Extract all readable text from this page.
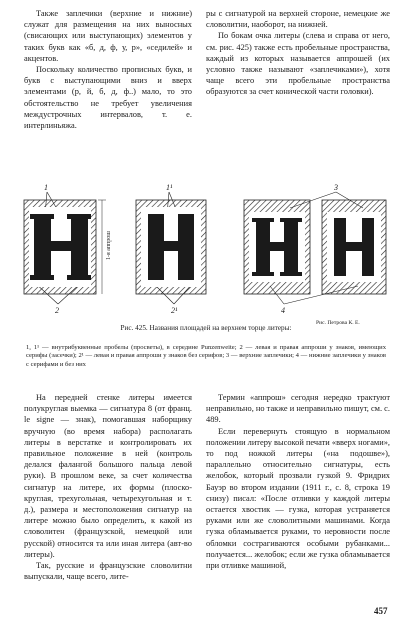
Также заплечики (верхние и нижние) служат для размещения на них выносных (свисающих или выступающих) элементов у таких букв как «б, д, ф, у, р», «седилей» и акцентов.

Поскольку количество прописных букв, и букв с выступающими вниз и вверх элементами (р, й, б, д, ф..) мало, то это обстоятельство не требует увеличения междустрочных интервалов, т. е. интерлиньяжа.

ры с сигнатурой на верхней стороне, немецкие же словолитни, наоборот, на нижней.

По бокам очка литеры (слева и справа от него, см. рис. 425) также есть пробельные пространства, каждый из которых называется аппрошей (их условно также называют «заплечиками»), хотя чаще всего эти пробельные пространства образуются за счет конической части головки).

1-я аппрош
1	1¹	3
2	2¹	4
Рис. Петрова К. Е.
Рис. 425. Названия площадей на верхнем торце литеры:
1, 1¹ — внутрибуквенные пробелы (просветы), в середине Punzenweite; 2 — левая и правая аппроши у знаков, имеющих серифы (засечки); 2¹ — левая и правая аппроши у знаков без серифов; 3 — верхние заплечики; 4 — нижние заплечики у знаков с серифами и без них

На передней стенке литеры имеется полукруглая выемка — сигнатура 8 (от франц. le signe — знак), помогавшая наборщику вручную (во время набора) располагать литеры в верстатке и контролировать их правильное положение в ней (контроль делался фалангой большого пальца левой руки). В прошлом веке, за счет количества сигнатур на литере, их формы (плоско-круглая, трехугольная, четырехугольная и т. д.), размера и местоположения сигнатур на литере можно было определить, к какой из словолитен (французской, немецкой или русской) относится та или иная литера (авт-во литеры).

Так, русские и французские словолитни выпускали, чаще всего, лите-

Термин «аппрош» сегодня нередко трактуют неправильно, но также и неправильно пишут, см. с. 489.

Если перевернуть стоящую в нормальном положении литеру высокой печати «вверх ногами», то под ножкой литеры («на подошве»), параллельно относительно сигнатуры, есть желобок, который прозвали гузкой 9. Фридрих Бауэр во втором издании (1911 г., с. 8, строка 19 снизу) писал: «После отливки у каждой литеры остается хвостик — гузка, которая устраняется руками или же словолитными машинами. Когда гузка обламывается руками, то неровности после обломки сострагиваются особыми рубанками... получается... желобок; если же гузка обламывается при отливке машиной,

457
